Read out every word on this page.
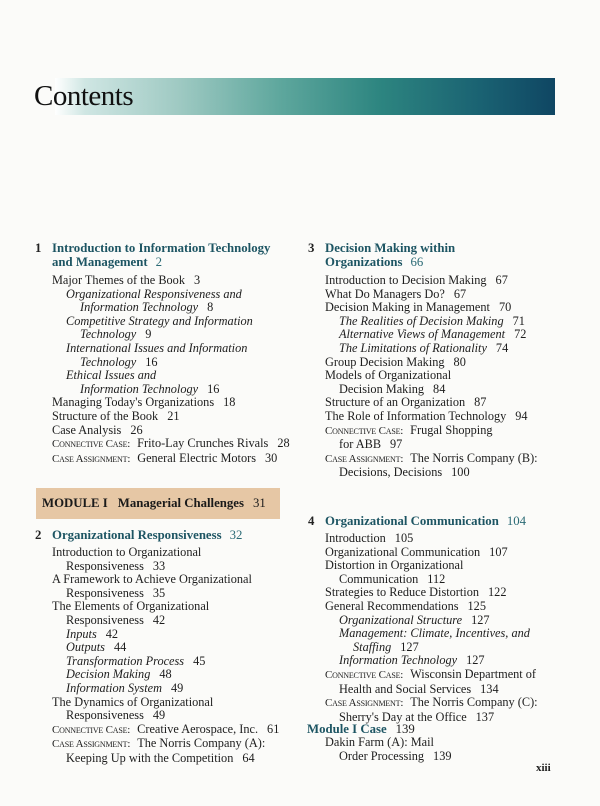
Contents
1 Introduction to Information Technology
and Management 2
Major Themes of the Book 3
Organizational Responsiveness and
Information Technology 8
Competitive Strategy and Information
Technology 9
International Issues and Information
Technology 16
Ethical Issues and
Information Technology 16
Managing Today's Organizations 18
Structure of the Book 21
Case Analysis 26
Connective Case: Frito-Lay Crunches Rivals 28
Case Assignment: General Electric Motors 30
MODULE I Managerial Challenges 31
2 Organizational Responsiveness 32
Introduction to Organizational
Responsiveness 33
A Framework to Achieve Organizational
Responsiveness 35
The Elements of Organizational
Responsiveness 42
Inputs 42
Outputs 44
Transformation Process 45
Decision Making 48
Information System 49
The Dynamics of Organizational
Responsiveness 49
Connective Case: Creative Aerospace, Inc. 61
Case Assignment: The Norris Company (A):
Keeping Up with the Competition 64
3 Decision Making within
Organizations 66
Introduction to Decision Making 67
What Do Managers Do? 67
Decision Making in Management 70
The Realities of Decision Making 71
Alternative Views of Management 72
The Limitations of Rationality 74
Group Decision Making 80
Models of Organizational
Decision Making 84
Structure of an Organization 87
The Role of Information Technology 94
Connective Case: Frugal Shopping
for ABB 97
Case Assignment: The Norris Company (B):
Decisions, Decisions 100
4 Organizational Communication 104
Introduction 105
Organizational Communication 107
Distortion in Organizational
Communication 112
Strategies to Reduce Distortion 122
General Recommendations 125
Organizational Structure 127
Management: Climate, Incentives, and
Staffing 127
Information Technology 127
Connective Case: Wisconsin Department of
Health and Social Services 134
Case Assignment: The Norris Company (C):
Sherry's Day at the Office 137
Module I Case 139
Dakin Farm (A): Mail
Order Processing 139
xiii
